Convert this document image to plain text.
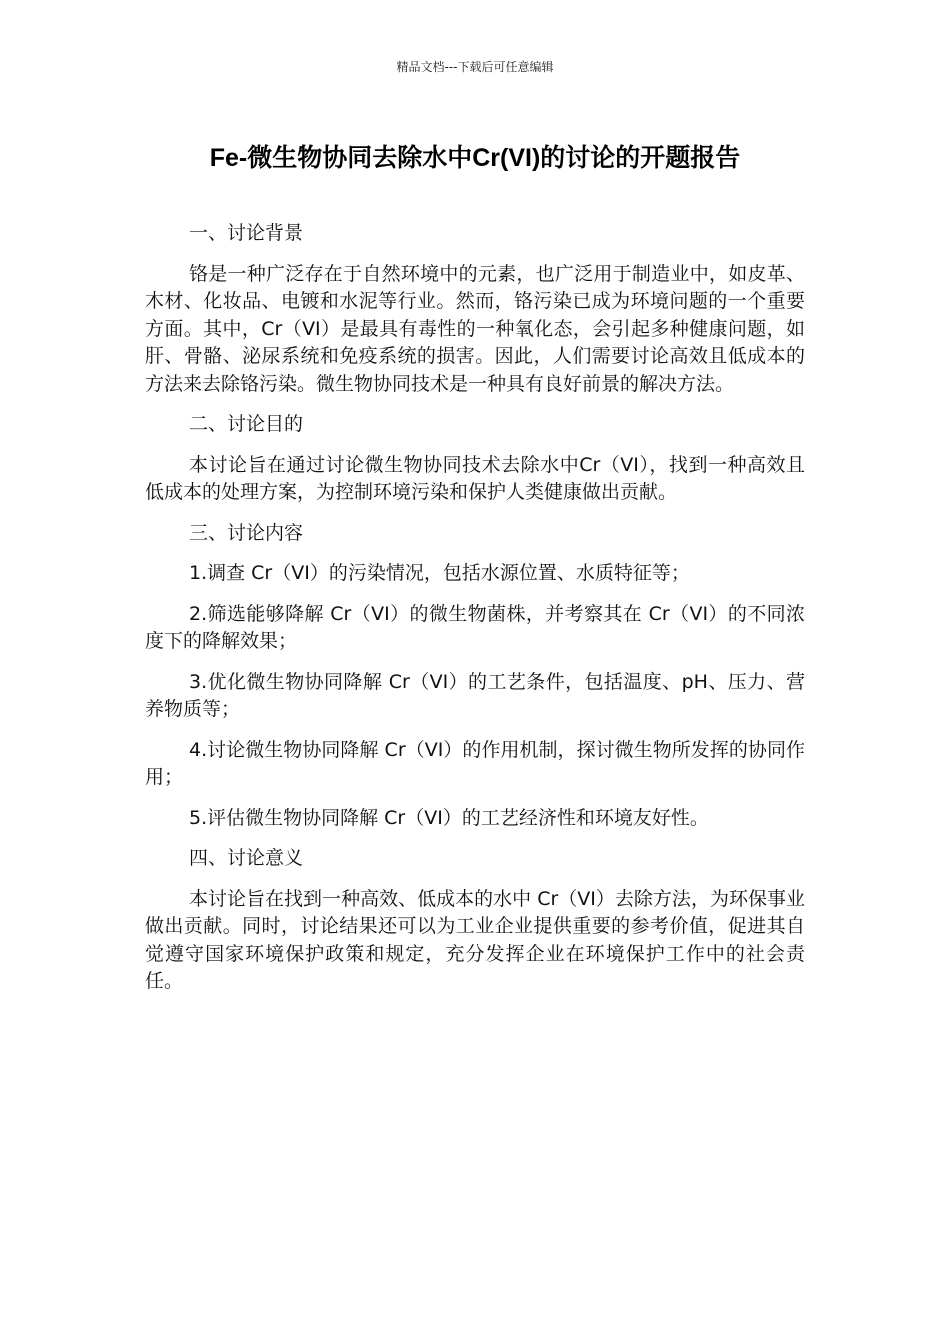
精品文档---下载后可任意编辑
Fe-微生物协同去除水中Cr(VI)的讨论的开题报告

一、讨论背景

铬是一种广泛存在于自然环境中的元素，也广泛用于制造业中，如皮革、木材、化妆品、电镀和水泥等行业。然而，铬污染已成为环境问题的一个重要方面。其中，Cr（VI）是最具有毒性的一种氧化态，会引起多种健康问题，如肝、骨骼、泌尿系统和免疫系统的损害。因此，人们需要讨论高效且低成本的方法来去除铬污染。微生物协同技术是一种具有良好前景的解决方法。

二、讨论目的

本讨论旨在通过讨论微生物协同技术去除水中Cr（VI），找到一种高效且低成本的处理方案，为控制环境污染和保护人类健康做出贡献。

三、讨论内容

1.调查 Cr（VI）的污染情况，包括水源位置、水质特征等；

2.筛选能够降解 Cr（VI）的微生物菌株，并考察其在 Cr（VI）的不同浓度下的降解效果；

3.优化微生物协同降解 Cr（VI）的工艺条件，包括温度、pH、压力、营养物质等；

4.讨论微生物协同降解 Cr（VI）的作用机制，探讨微生物所发挥的协同作用；

5.评估微生物协同降解 Cr（VI）的工艺经济性和环境友好性。

四、讨论意义

本讨论旨在找到一种高效、低成本的水中 Cr（VI）去除方法，为环保事业做出贡献。同时，讨论结果还可以为工业企业提供重要的参考价值，促进其自觉遵守国家环境保护政策和规定，充分发挥企业在环境保护工作中的社会责任。
